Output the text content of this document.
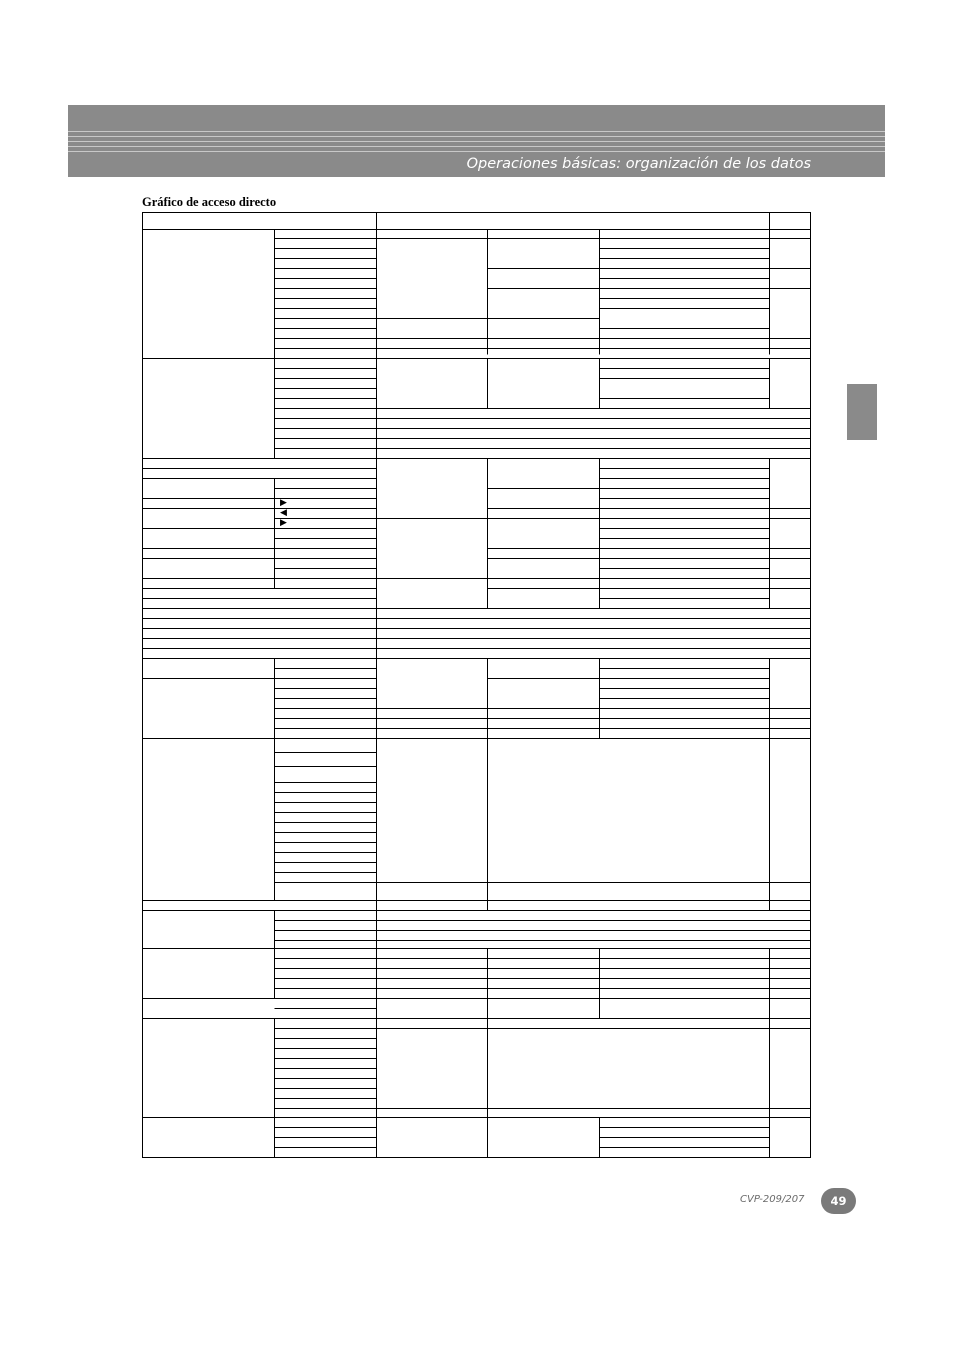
Operaciones básicas: organización de los datos
Gráfico de acceso directo
▶
◀
▶
CVP-209/207	49
